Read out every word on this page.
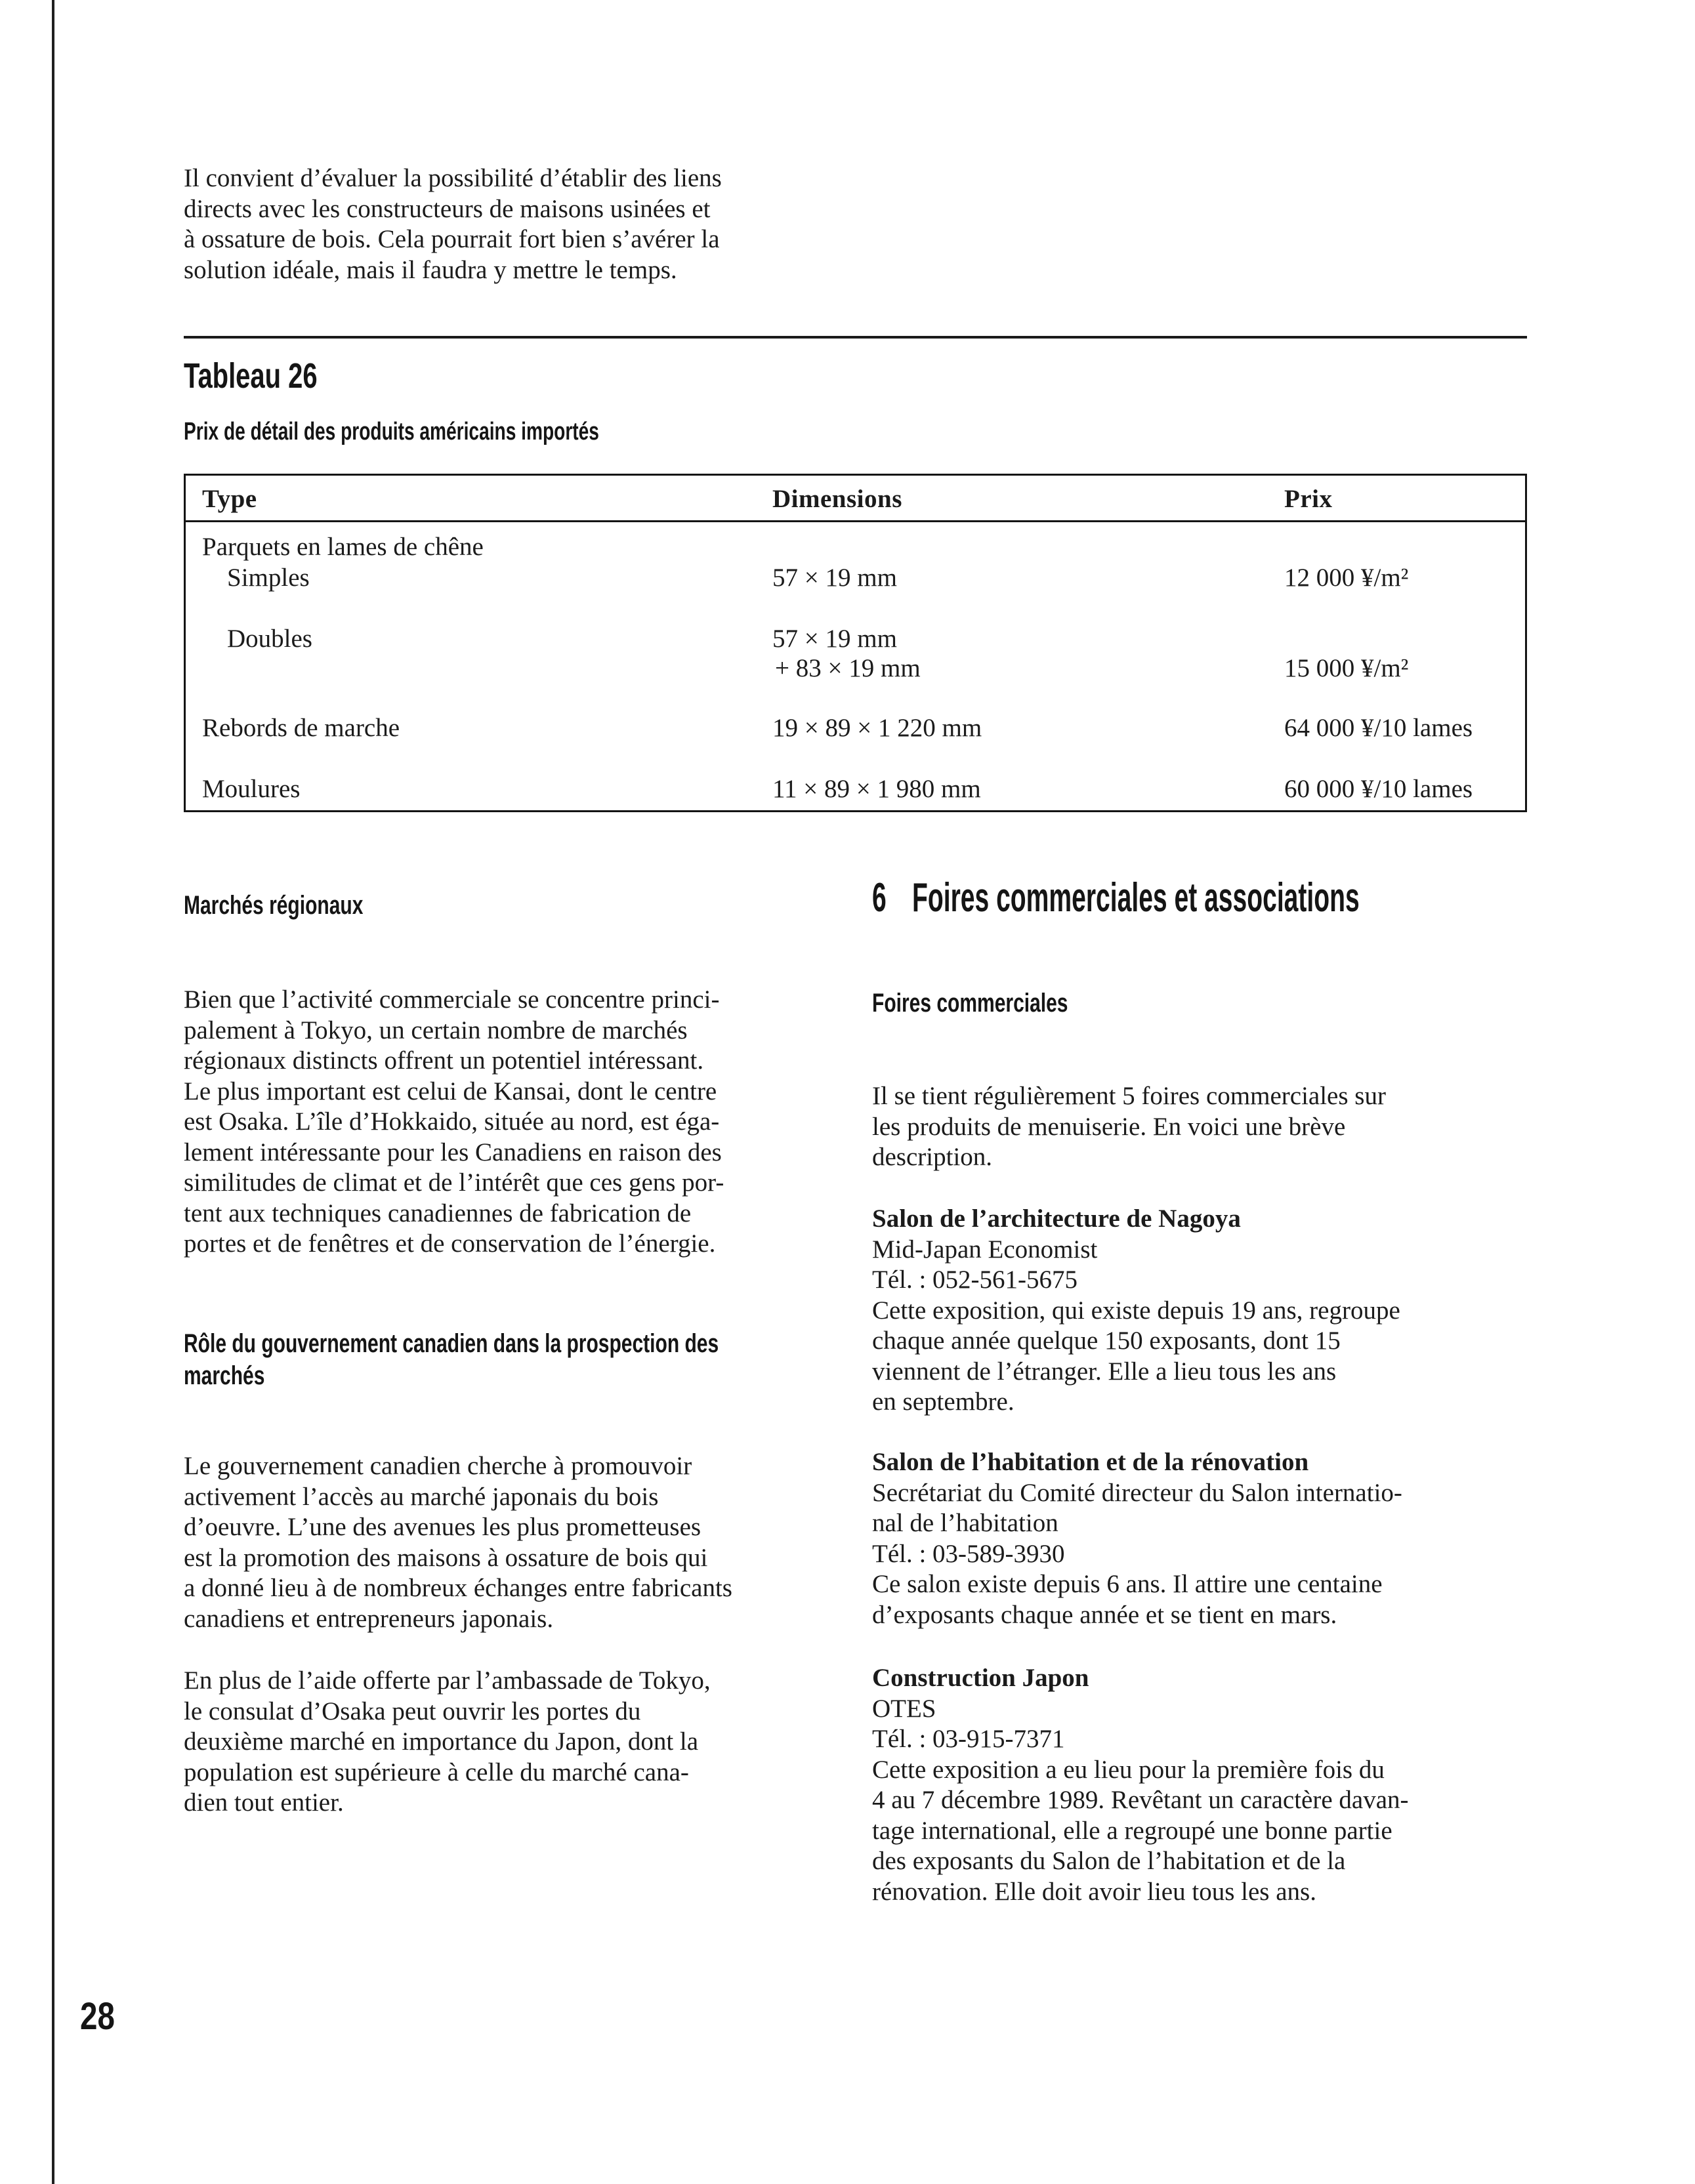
Il convient d’évaluer la possibilité d’établir des liens
directs avec les constructeurs de maisons usinées et
à ossature de bois. Cela pourrait fort bien s’avérer la
solution idéale, mais il faudra y mettre le temps.
Tableau 26
Prix de détail des produits américains importés
Type	Dimensions	Prix
Parquets en lames de chêne
Simples	57 × 19 mm	12 000 ¥/m²
Doubles	57 × 19 mm
+ 83 × 19 mm	15 000 ¥/m²
Rebords de marche	19 × 89 × 1 220 mm	64 000 ¥/10 lames
Moulures	11 × 89 × 1 980 mm	60 000 ¥/10 lames
Marchés régionaux
Bien que l’activité commerciale se concentre princi-
palement à Tokyo, un certain nombre de marchés
régionaux distincts offrent un potentiel intéressant.
Le plus important est celui de Kansai, dont le centre
est Osaka. L’île d’Hokkaido, située au nord, est éga-
lement intéressante pour les Canadiens en raison des
similitudes de climat et de l’intérêt que ces gens por-
tent aux techniques canadiennes de fabrication de
portes et de fenêtres et de conservation de l’énergie.
Rôle du gouvernement canadien dans la prospection des
marchés
Le gouvernement canadien cherche à promouvoir
activement l’accès au marché japonais du bois
d’oeuvre. L’une des avenues les plus prometteuses
est la promotion des maisons à ossature de bois qui
a donné lieu à de nombreux échanges entre fabricants
canadiens et entrepreneurs japonais.
En plus de l’aide offerte par l’ambassade de Tokyo,
le consulat d’Osaka peut ouvrir les portes du
deuxième marché en importance du Japon, dont la
population est supérieure à celle du marché cana-
dien tout entier.
6 Foires commerciales et associations
Foires commerciales
Il se tient régulièrement 5 foires commerciales sur
les produits de menuiserie. En voici une brève
description.
Salon de l’architecture de Nagoya
Mid-Japan Economist
Tél. : 052-561-5675
Cette exposition, qui existe depuis 19 ans, regroupe
chaque année quelque 150 exposants, dont 15
viennent de l’étranger. Elle a lieu tous les ans
en septembre.
Salon de l’habitation et de la rénovation
Secrétariat du Comité directeur du Salon internatio-
nal de l’habitation
Tél. : 03-589-3930
Ce salon existe depuis 6 ans. Il attire une centaine
d’exposants chaque année et se tient en mars.
Construction Japon
OTES
Tél. : 03-915-7371
Cette exposition a eu lieu pour la première fois du
4 au 7 décembre 1989. Revêtant un caractère davan-
tage international, elle a regroupé une bonne partie
des exposants du Salon de l’habitation et de la
rénovation. Elle doit avoir lieu tous les ans.
28
